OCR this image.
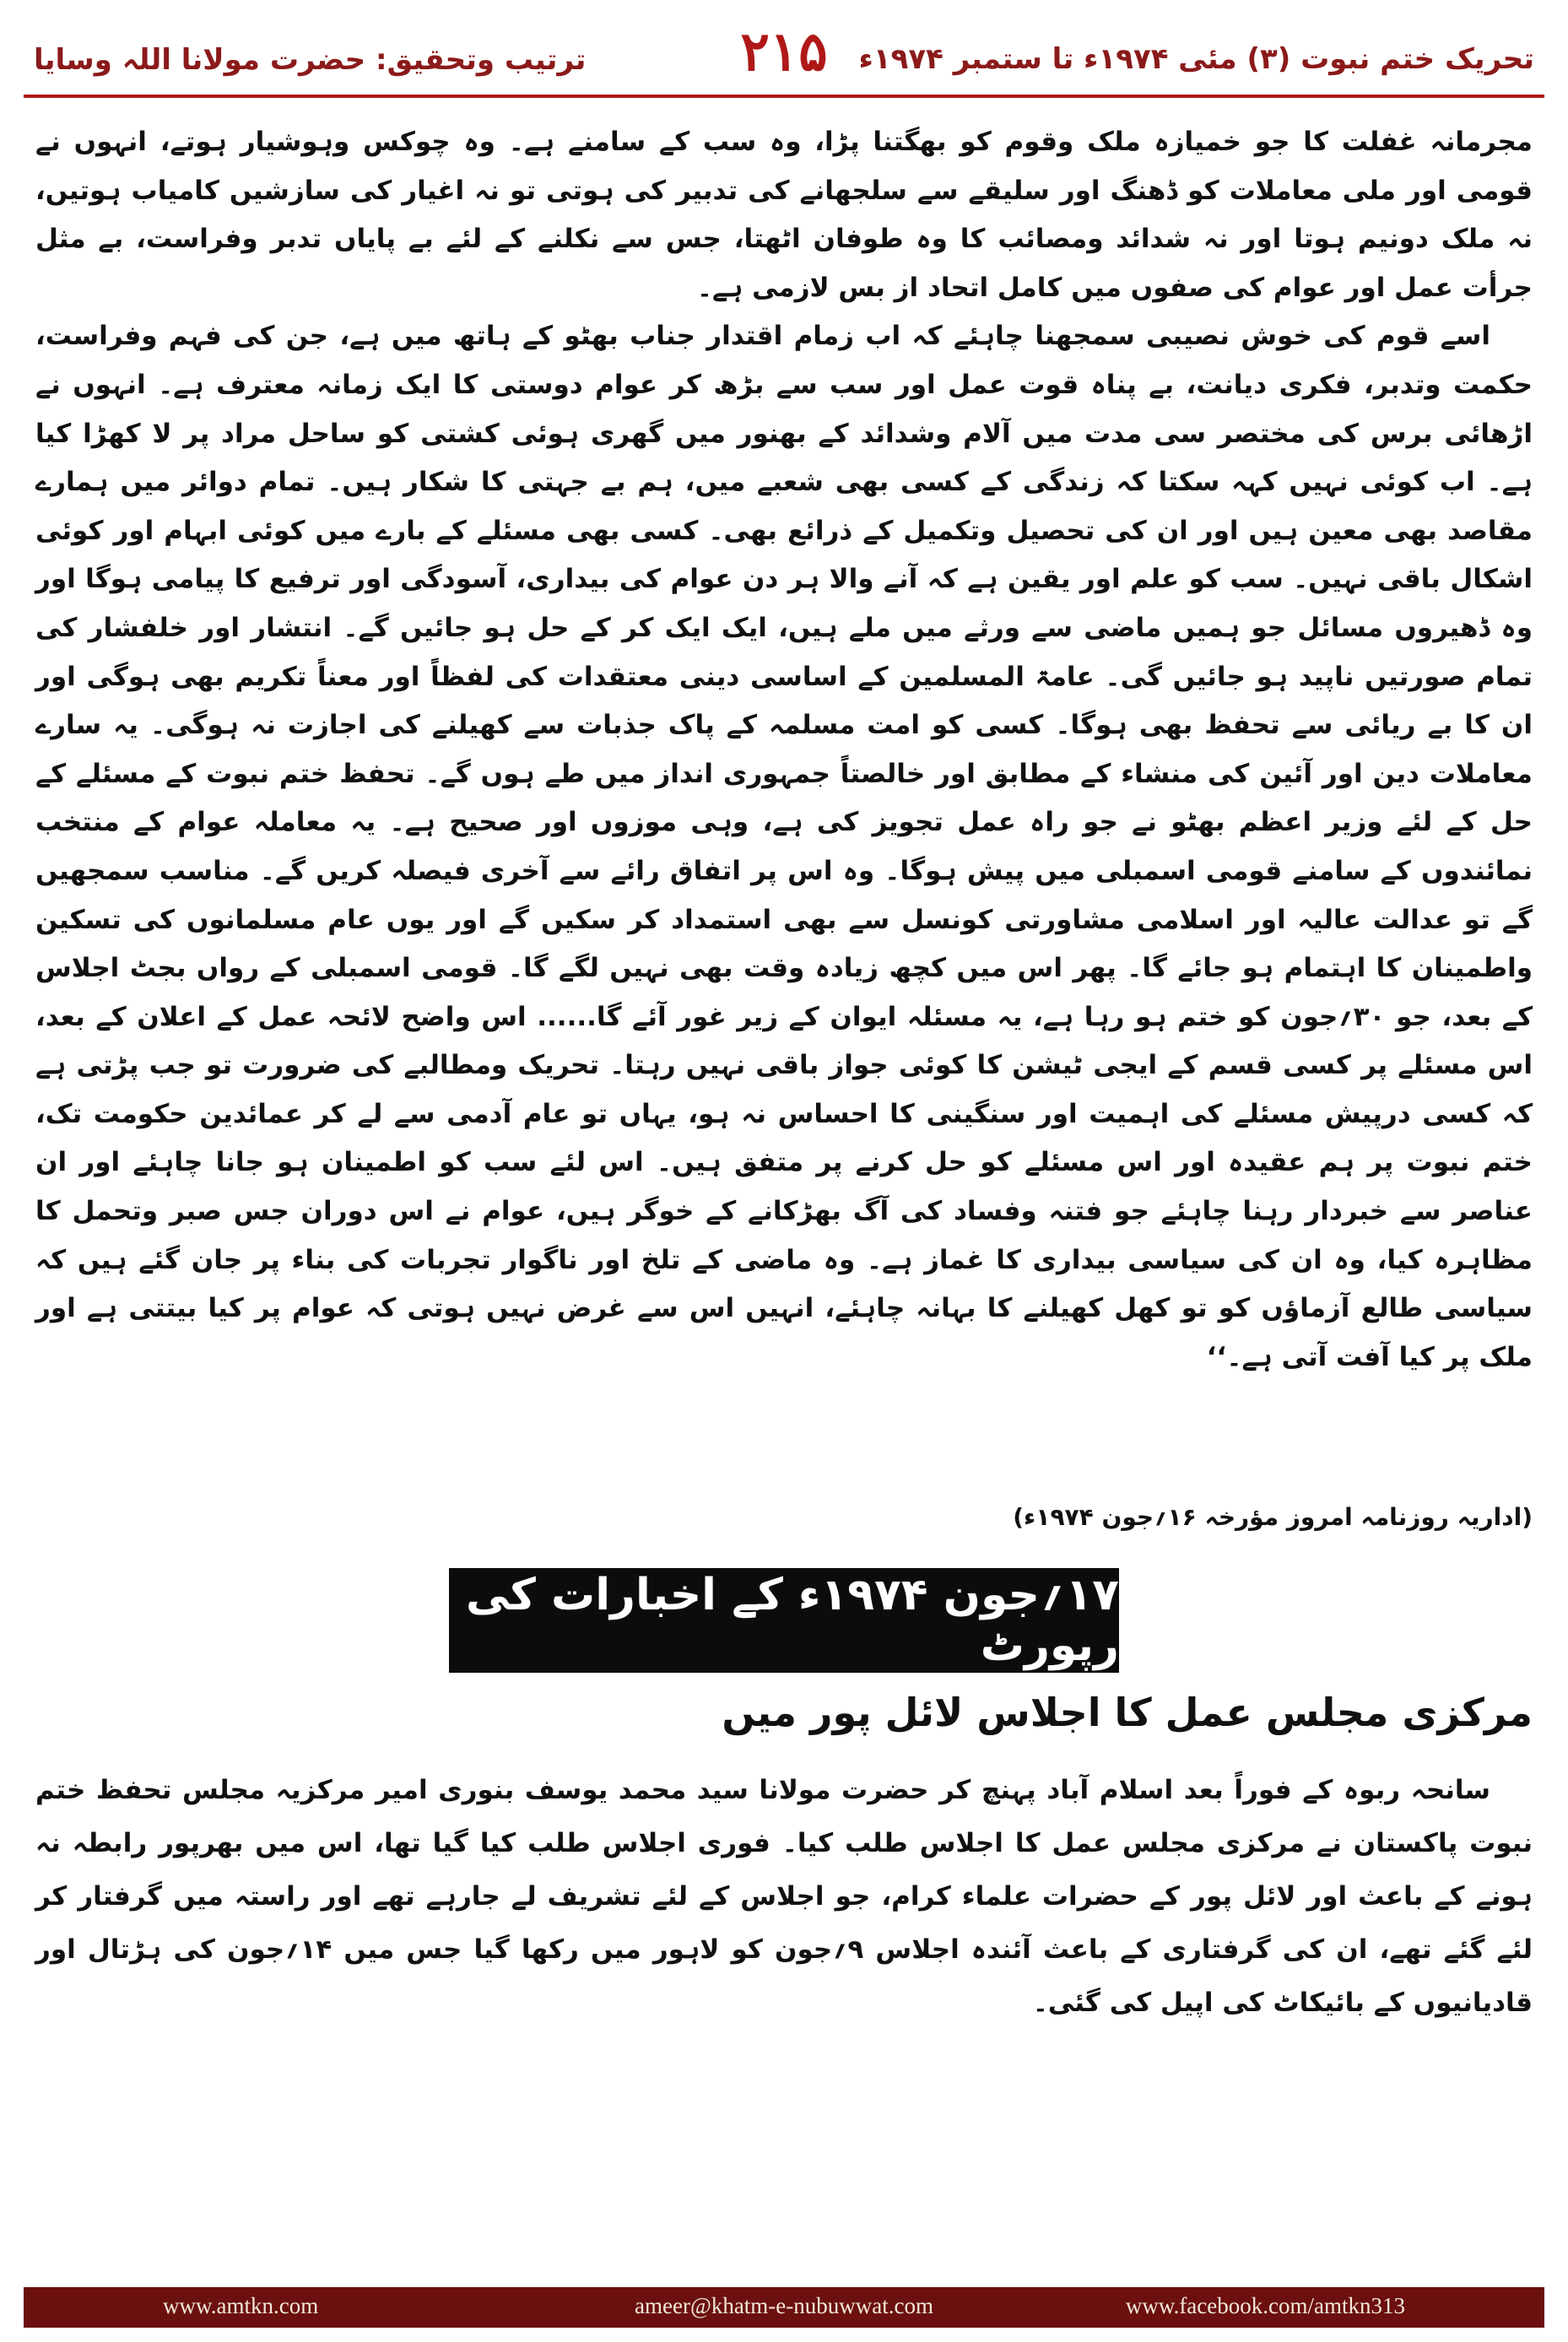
ترتیب وتحقیق: حضرت مولانا اللہ وسایا	۲۱۵ تحریک ختم نبوت (۳) مئی ۱۹۷۴ء تا ستمبر ۱۹۷۴ء

مجرمانہ غفلت کا جو خمیازہ ملک وقوم کو بھگتنا پڑا، وہ سب کے سامنے ہے۔ وہ چوکس وہوشیار ہوتے، انہوں نے قومی اور ملی معاملات کو ڈھنگ اور سلیقے سے سلجھانے کی تدبیر کی ہوتی تو نہ اغیار کی سازشیں کامیاب ہوتیں، نہ ملک دونیم ہوتا اور نہ شدائد ومصائب کا وہ طوفان اٹھتا، جس سے نکلنے کے لئے بے پایاں تدبر وفراست، بے مثل جرأت عمل اور عوام کی صفوں میں کامل اتحاد از بس لازمی ہے۔

اسے قوم کی خوش نصیبی سمجھنا چاہئے کہ اب زمام اقتدار جناب بھٹو کے ہاتھ میں ہے، جن کی فہم وفراست، حکمت وتدبر، فکری دیانت، بے پناہ قوت عمل اور سب سے بڑھ کر عوام دوستی کا ایک زمانہ معترف ہے۔ انہوں نے اڑھائی برس کی مختصر سی مدت میں آلام وشدائد کے بھنور میں گھری ہوئی کشتی کو ساحل مراد پر لا کھڑا کیا ہے۔ اب کوئی نہیں کہہ سکتا کہ زندگی کے کسی بھی شعبے میں، ہم بے جہتی کا شکار ہیں۔ تمام دوائر میں ہمارے مقاصد بھی معین ہیں اور ان کی تحصیل وتکمیل کے ذرائع بھی۔ کسی بھی مسئلے کے بارے میں کوئی ابہام اور کوئی اشکال باقی نہیں۔ سب کو علم اور یقین ہے کہ آنے والا ہر دن عوام کی بیداری، آسودگی اور ترفیع کا پیامی ہوگا اور وہ ڈھیروں مسائل جو ہمیں ماضی سے ورثے میں ملے ہیں، ایک ایک کر کے حل ہو جائیں گے۔ انتشار اور خلفشار کی تمام صورتیں ناپید ہو جائیں گی۔ عامۃ المسلمین کے اساسی دینی معتقدات کی لفظاً اور معناً تکریم بھی ہوگی اور ان کا بے ریائی سے تحفظ بھی ہوگا۔ کسی کو امت مسلمہ کے پاک جذبات سے کھیلنے کی اجازت نہ ہوگی۔ یہ سارے معاملات دین اور آئین کی منشاء کے مطابق اور خالصتاً جمہوری انداز میں طے ہوں گے۔ تحفظ ختم نبوت کے مسئلے کے حل کے لئے وزیر اعظم بھٹو نے جو راہ عمل تجویز کی ہے، وہی موزوں اور صحیح ہے۔ یہ معاملہ عوام کے منتخب نمائندوں کے سامنے قومی اسمبلی میں پیش ہوگا۔ وہ اس پر اتفاق رائے سے آخری فیصلہ کریں گے۔ مناسب سمجھیں گے تو عدالت عالیہ اور اسلامی مشاورتی کونسل سے بھی استمداد کر سکیں گے اور یوں عام مسلمانوں کی تسکین واطمینان کا اہتمام ہو جائے گا۔ پھر اس میں کچھ زیادہ وقت بھی نہیں لگے گا۔ قومی اسمبلی کے رواں بجٹ اجلاس کے بعد، جو ۳۰؍جون کو ختم ہو رہا ہے، یہ مسئلہ ایوان کے زیر غور آئے گا...... اس واضح لائحہ عمل کے اعلان کے بعد، اس مسئلے پر کسی قسم کے ایجی ٹیشن کا کوئی جواز باقی نہیں رہتا۔ تحریک ومطالبے کی ضرورت تو جب پڑتی ہے کہ کسی درپیش مسئلے کی اہمیت اور سنگینی کا احساس نہ ہو، یہاں تو عام آدمی سے لے کر عمائدین حکومت تک، ختم نبوت پر ہم عقیدہ اور اس مسئلے کو حل کرنے پر متفق ہیں۔ اس لئے سب کو اطمینان ہو جانا چاہئے اور ان عناصر سے خبردار رہنا چاہئے جو فتنہ وفساد کی آگ بھڑکانے کے خوگر ہیں، عوام نے اس دوران جس صبر وتحمل کا مظاہرہ کیا، وہ ان کی سیاسی بیداری کا غماز ہے۔ وہ ماضی کے تلخ اور ناگوار تجربات کی بناء پر جان گئے ہیں کہ سیاسی طالع آزماؤں کو تو کھل کھیلنے کا بہانہ چاہئے، انہیں اس سے غرض نہیں ہوتی کہ عوام پر کیا بیتتی ہے اور ملک پر کیا آفت آتی ہے۔‘‘

(اداریہ روزنامہ امروز مؤرخہ ۱۶؍جون ۱۹۷۴ء)
۱۷؍جون ۱۹۷۴ء کے اخبارات کی رپورٹ
مرکزی مجلس عمل کا اجلاس لائل پور میں

سانحہ ربوہ کے فوراً بعد اسلام آباد پہنچ کر حضرت مولانا سید محمد یوسف بنوری امیر مرکزیہ مجلس تحفظ ختم نبوت پاکستان نے مرکزی مجلس عمل کا اجلاس طلب کیا۔ فوری اجلاس طلب کیا گیا تھا، اس میں بھرپور رابطہ نہ ہونے کے باعث اور لائل پور کے حضرات علماء کرام، جو اجلاس کے لئے تشریف لے جارہے تھے اور راستہ میں گرفتار کر لئے گئے تھے، ان کی گرفتاری کے باعث آئندہ اجلاس ۹؍جون کو لاہور میں رکھا گیا جس میں ۱۴؍جون کی ہڑتال اور قادیانیوں کے بائیکاٹ کی اپیل کی گئی۔

www.amtkn.com	ameer@khatm-e-nubuwwat.com	www.facebook.com/amtkn313
